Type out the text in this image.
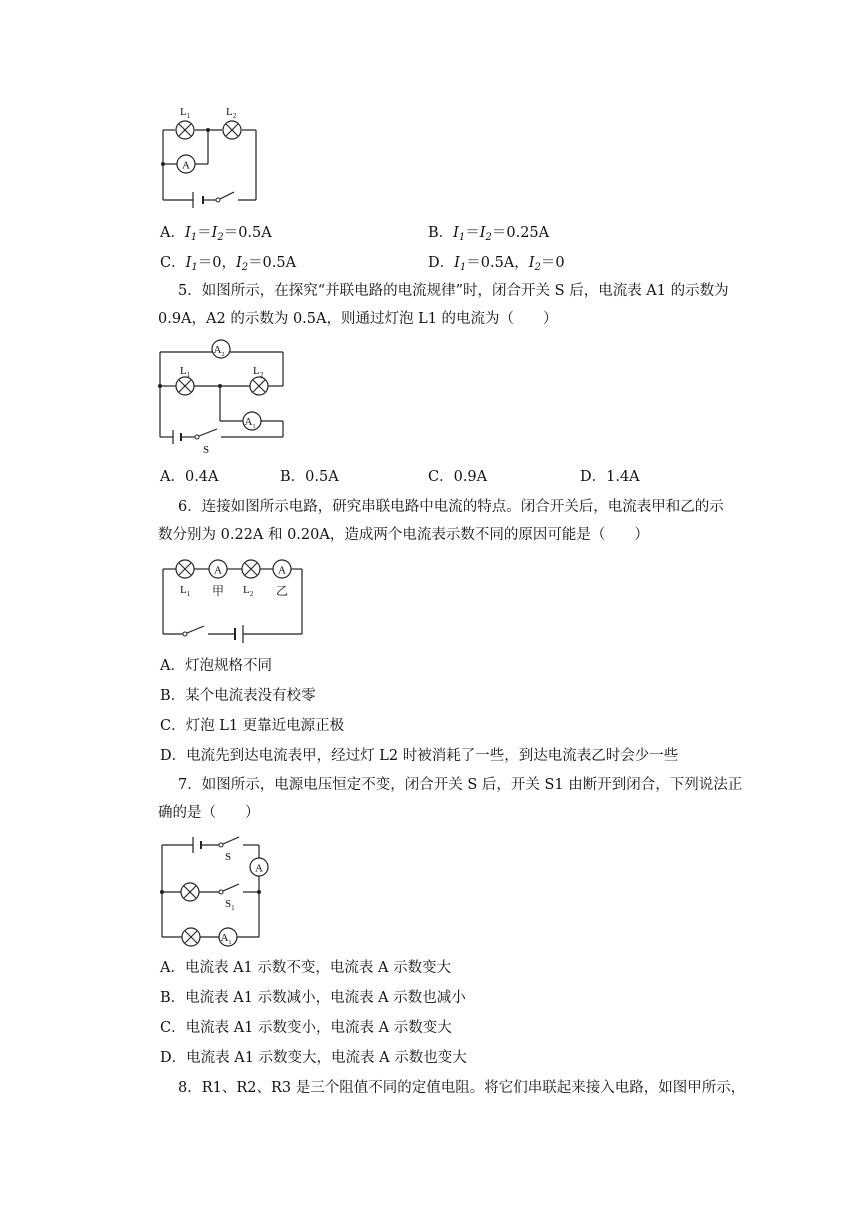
A
$L_1$	$L_2$
A．$I_1=I_2=0.5A$	B．$I_1=I_2=0.25A$
C．$I_1=0$，$I_2=0.5A$	D．$I_1=0.5A$，$I_2=0$
5．如图所示，在探究“并联电路的电流规律”时，闭合开关 S 后，电流表 A1 的示数为
0.9A，A2 的示数为 0.5A，则通过灯泡 L1 的电流为（　　）
$A_2$
$A_1$
$L_1$	$L_2$
S
A．0.4A	B．0.5A	C．0.9A	D．1.4A
6．连接如图所示电路，研究串联电路中电流的特点。闭合开关后，电流表甲和乙的示
数分别为 0.22A 和 0.20A，造成两个电流表示数不同的原因可能是（　　）
A	A
$L_1$ 甲 $L_2$ 乙
A．灯泡规格不同
B．某个电流表没有校零
C．灯泡 L1 更靠近电源正极
D．电流先到达电流表甲，经过灯 L2 时被消耗了一些，到达电流表乙时会少一些
7．如图所示，电源电压恒定不变，闭合开关 S 后，开关 S1 由断开到闭合，下列说法正
确的是（　　）
A
$A_1$
S
$S_1$
A．电流表 A1 示数不变，电流表 A 示数变大
B．电流表 A1 示数减小，电流表 A 示数也减小
C．电流表 A1 示数变小，电流表 A 示数变大
D．电流表 A1 示数变大，电流表 A 示数也变大
8．R1、R2、R3 是三个阻值不同的定值电阻。将它们串联起来接入电路，如图甲所示，
